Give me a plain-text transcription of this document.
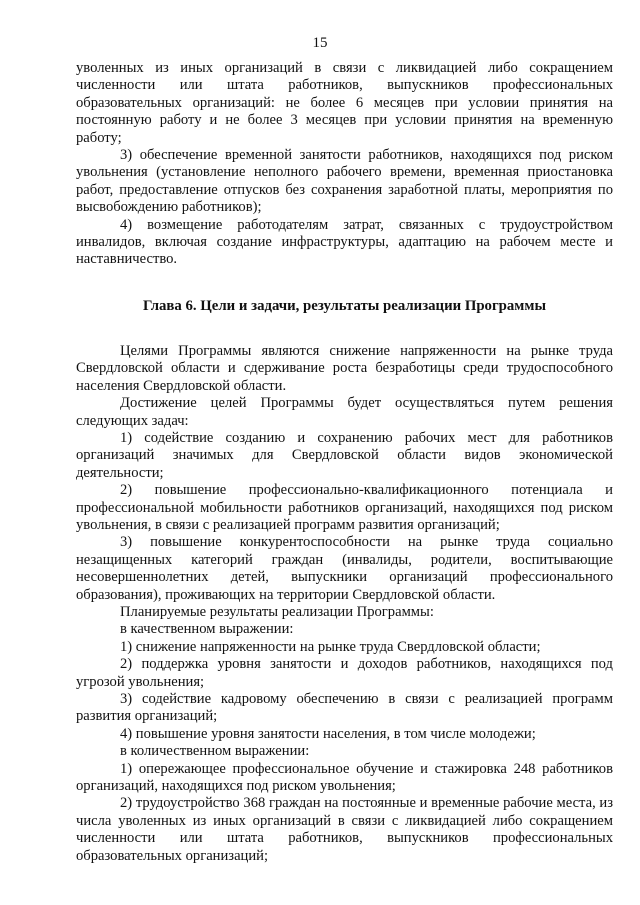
15

уволенных из иных организаций в связи с ликвидацией либо сокращением численности или штата работников, выпускников профессиональных образовательных организаций: не более 6 месяцев при условии принятия на постоянную работу и не более 3 месяцев при условии принятия на временную работу;

3) обеспечение временной занятости работников, находящихся под риском увольнения (установление неполного рабочего времени, временная приостановка работ, предоставление отпусков без сохранения заработной платы, мероприятия по высвобождению работников);

4) возмещение работодателям затрат, связанных с трудоустройством инвалидов, включая создание инфраструктуры, адаптацию на рабочем месте и наставничество.

Глава 6. Цели и задачи, результаты реализации Программы

Целями Программы являются снижение напряженности на рынке труда Свердловской области и сдерживание роста безработицы среди трудоспособного населения Свердловской области.

Достижение целей Программы будет осуществляться путем решения следующих задач:

1) содействие созданию и сохранению рабочих мест для работников организаций значимых для Свердловской области видов экономической деятельности;

2) повышение профессионально-квалификационного потенциала и профессиональной мобильности работников организаций, находящихся под риском увольнения, в связи с реализацией программ развития организаций;

3) повышение конкурентоспособности на рынке труда социально незащищенных категорий граждан (инвалиды, родители, воспитывающие несовершеннолетних детей, выпускники организаций профессионального образования), проживающих на территории Свердловской области.

Планируемые результаты реализации Программы:

в качественном выражении:

1) снижение напряженности на рынке труда Свердловской области;

2) поддержка уровня занятости и доходов работников, находящихся под угрозой увольнения;

3) содействие кадровому обеспечению в связи с реализацией программ развития организаций;

4) повышение уровня занятости населения, в том числе молодежи;

в количественном выражении:

1) опережающее профессиональное обучение и стажировка 248 работников организаций, находящихся под риском увольнения;

2) трудоустройство 368 граждан на постоянные и временные рабочие места, из числа уволенных из иных организаций в связи с ликвидацией либо сокращением численности или штата работников, выпускников профессиональных образовательных организаций;
